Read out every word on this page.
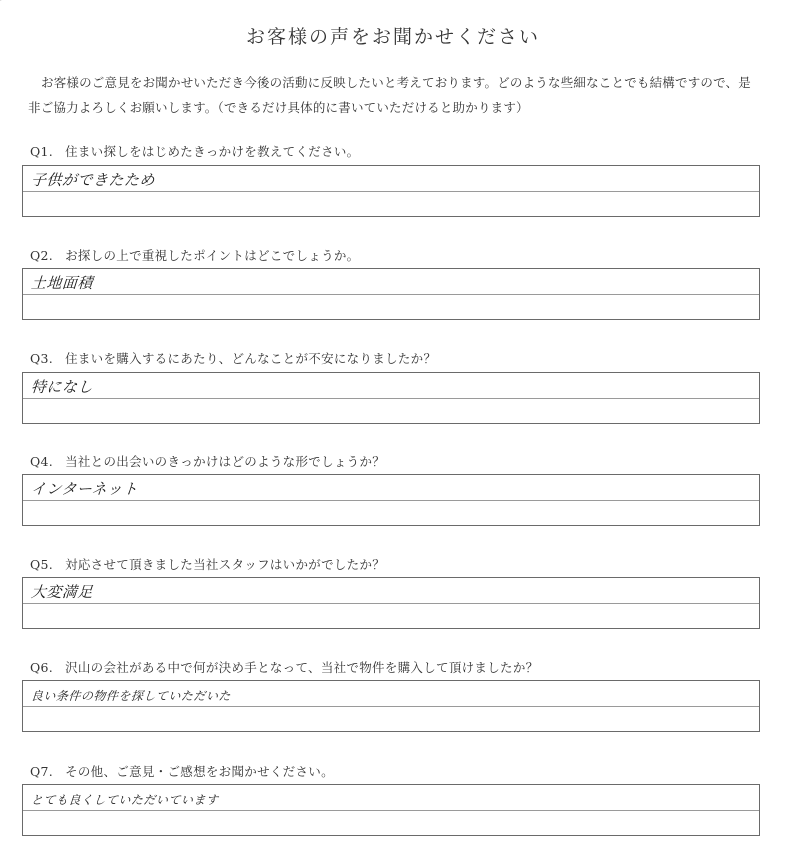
お客様の声をお聞かせください
お客様のご意見をお聞かせいただき今後の活動に反映したいと考えております。どのような些細なことでも結構ですので、是非ご協力よろしくお願いします。（できるだけ具体的に書いていただけると助かります）
Q1. 住まい探しをはじめたきっかけを教えてください。
子供ができたため
Q2. お探しの上で重視したポイントはどこでしょうか。
土地面積
Q3. 住まいを購入するにあたり、どんなことが不安になりましたか？
特になし
Q4. 当社との出会いのきっかけはどのような形でしょうか？
インターネット
Q5. 対応させて頂きました当社スタッフはいかがでしたか？
大変満足
Q6. 沢山の会社がある中で何が決め手となって、当社で物件を購入して頂けましたか？
良い条件の物件を探していただいた
Q7. その他、ご意見・ご感想をお聞かせください。
とても良くしていただいています
